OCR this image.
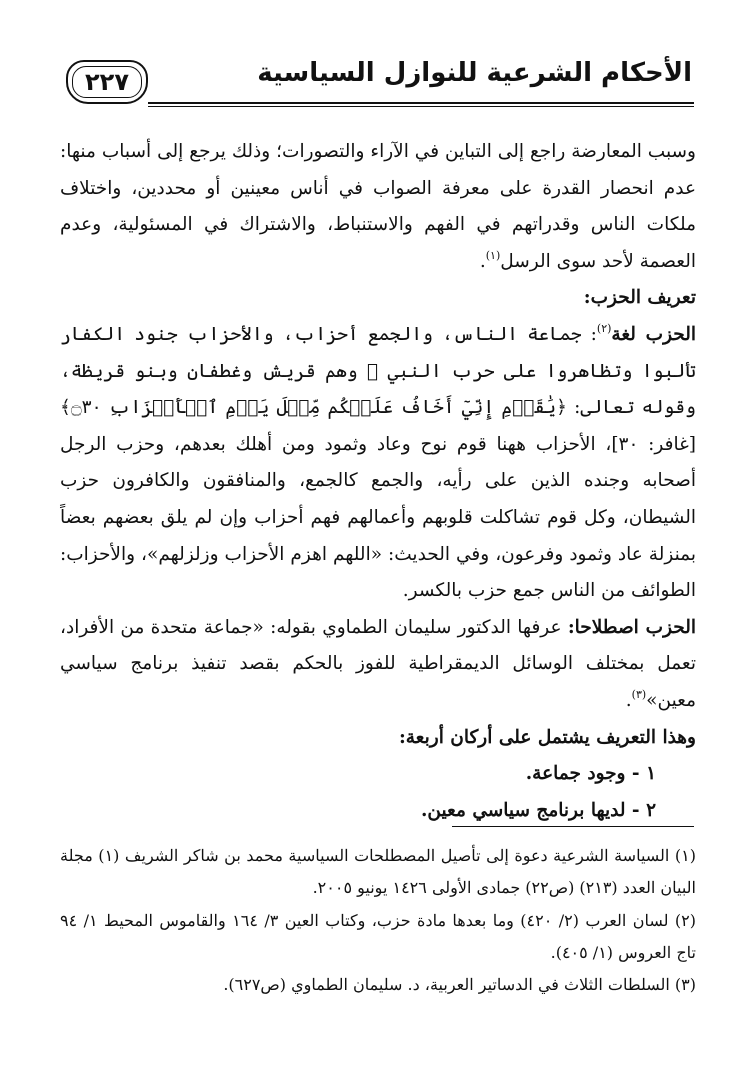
٢٢٧	الأحكام الشرعية للنوازل السياسية

وسبب المعارضة راجع إلى التباين في الآراء والتصورات؛ وذلك يرجع إلى أسباب منها: عدم انحصار القدرة على معرفة الصواب في أناس معينين أو محددين، واختلاف ملكات الناس وقدراتهم في الفهم والاستنباط، والاشتراك في المسئولية، وعدم العصمة لأحد سوى الرسل$^{(١)}$.

تعريف الحزب:

الحزب لغة$^{(٢)}$: جماعة الناس، والجمع أحزاب، والأحزاب جنود الكفار تألبوا وتظاهروا على حرب النبي ﷺ وهم قريش وغطفان وبنو قريظة، وقوله تعالى: ﴿يَٰقَوۡمِ إِنِّيٓ أَخَافُ عَلَيۡكُم مِّثۡلَ يَوۡمِ ٱلۡأَحۡزَابِ ۝٣٠﴾ [غافر: ٣٠]، الأحزاب ههنا قوم نوح وعاد وثمود ومن أهلك بعدهم، وحزب الرجل أصحابه وجنده الذين على رأيه، والجمع كالجمع، والمنافقون والكافرون حزب الشيطان، وكل قوم تشاكلت قلوبهم وأعمالهم فهم أحزاب وإن لم يلق بعضهم بعضاً بمنزلة عاد وثمود وفرعون، وفي الحديث: «اللهم اهزم الأحزاب وزلزلهم»، والأحزاب: الطوائف من الناس جمع حزب بالكسر.

الحزب اصطلاحا: عرفها الدكتور سليمان الطماوي بقوله: «جماعة متحدة من الأفراد، تعمل بمختلف الوسائل الديمقراطية للفوز بالحكم بقصد تنفيذ برنامج سياسي معين»$^{(٣)}$.

وهذا التعريف يشتمل على أركان أربعة:

١ - وجود جماعة.

٢ - لديها برنامج سياسي معين.

(١) السياسة الشرعية دعوة إلى تأصيل المصطلحات السياسية محمد بن شاكر الشريف (١) مجلة البيان العدد (٢١٣) (ص٢٢) جمادى الأولى ١٤٢٦ يونيو ٢٠٠٥.

(٢) لسان العرب (٢/ ٤٢٠) وما بعدها مادة حزب، وكتاب العين ٣/ ١٦٤ والقاموس المحيط ١/ ٩٤ تاج العروس (١/ ٤٠٥).

(٣) السلطات الثلاث في الدساتير العربية، د. سليمان الطماوي (ص٦٢٧).
